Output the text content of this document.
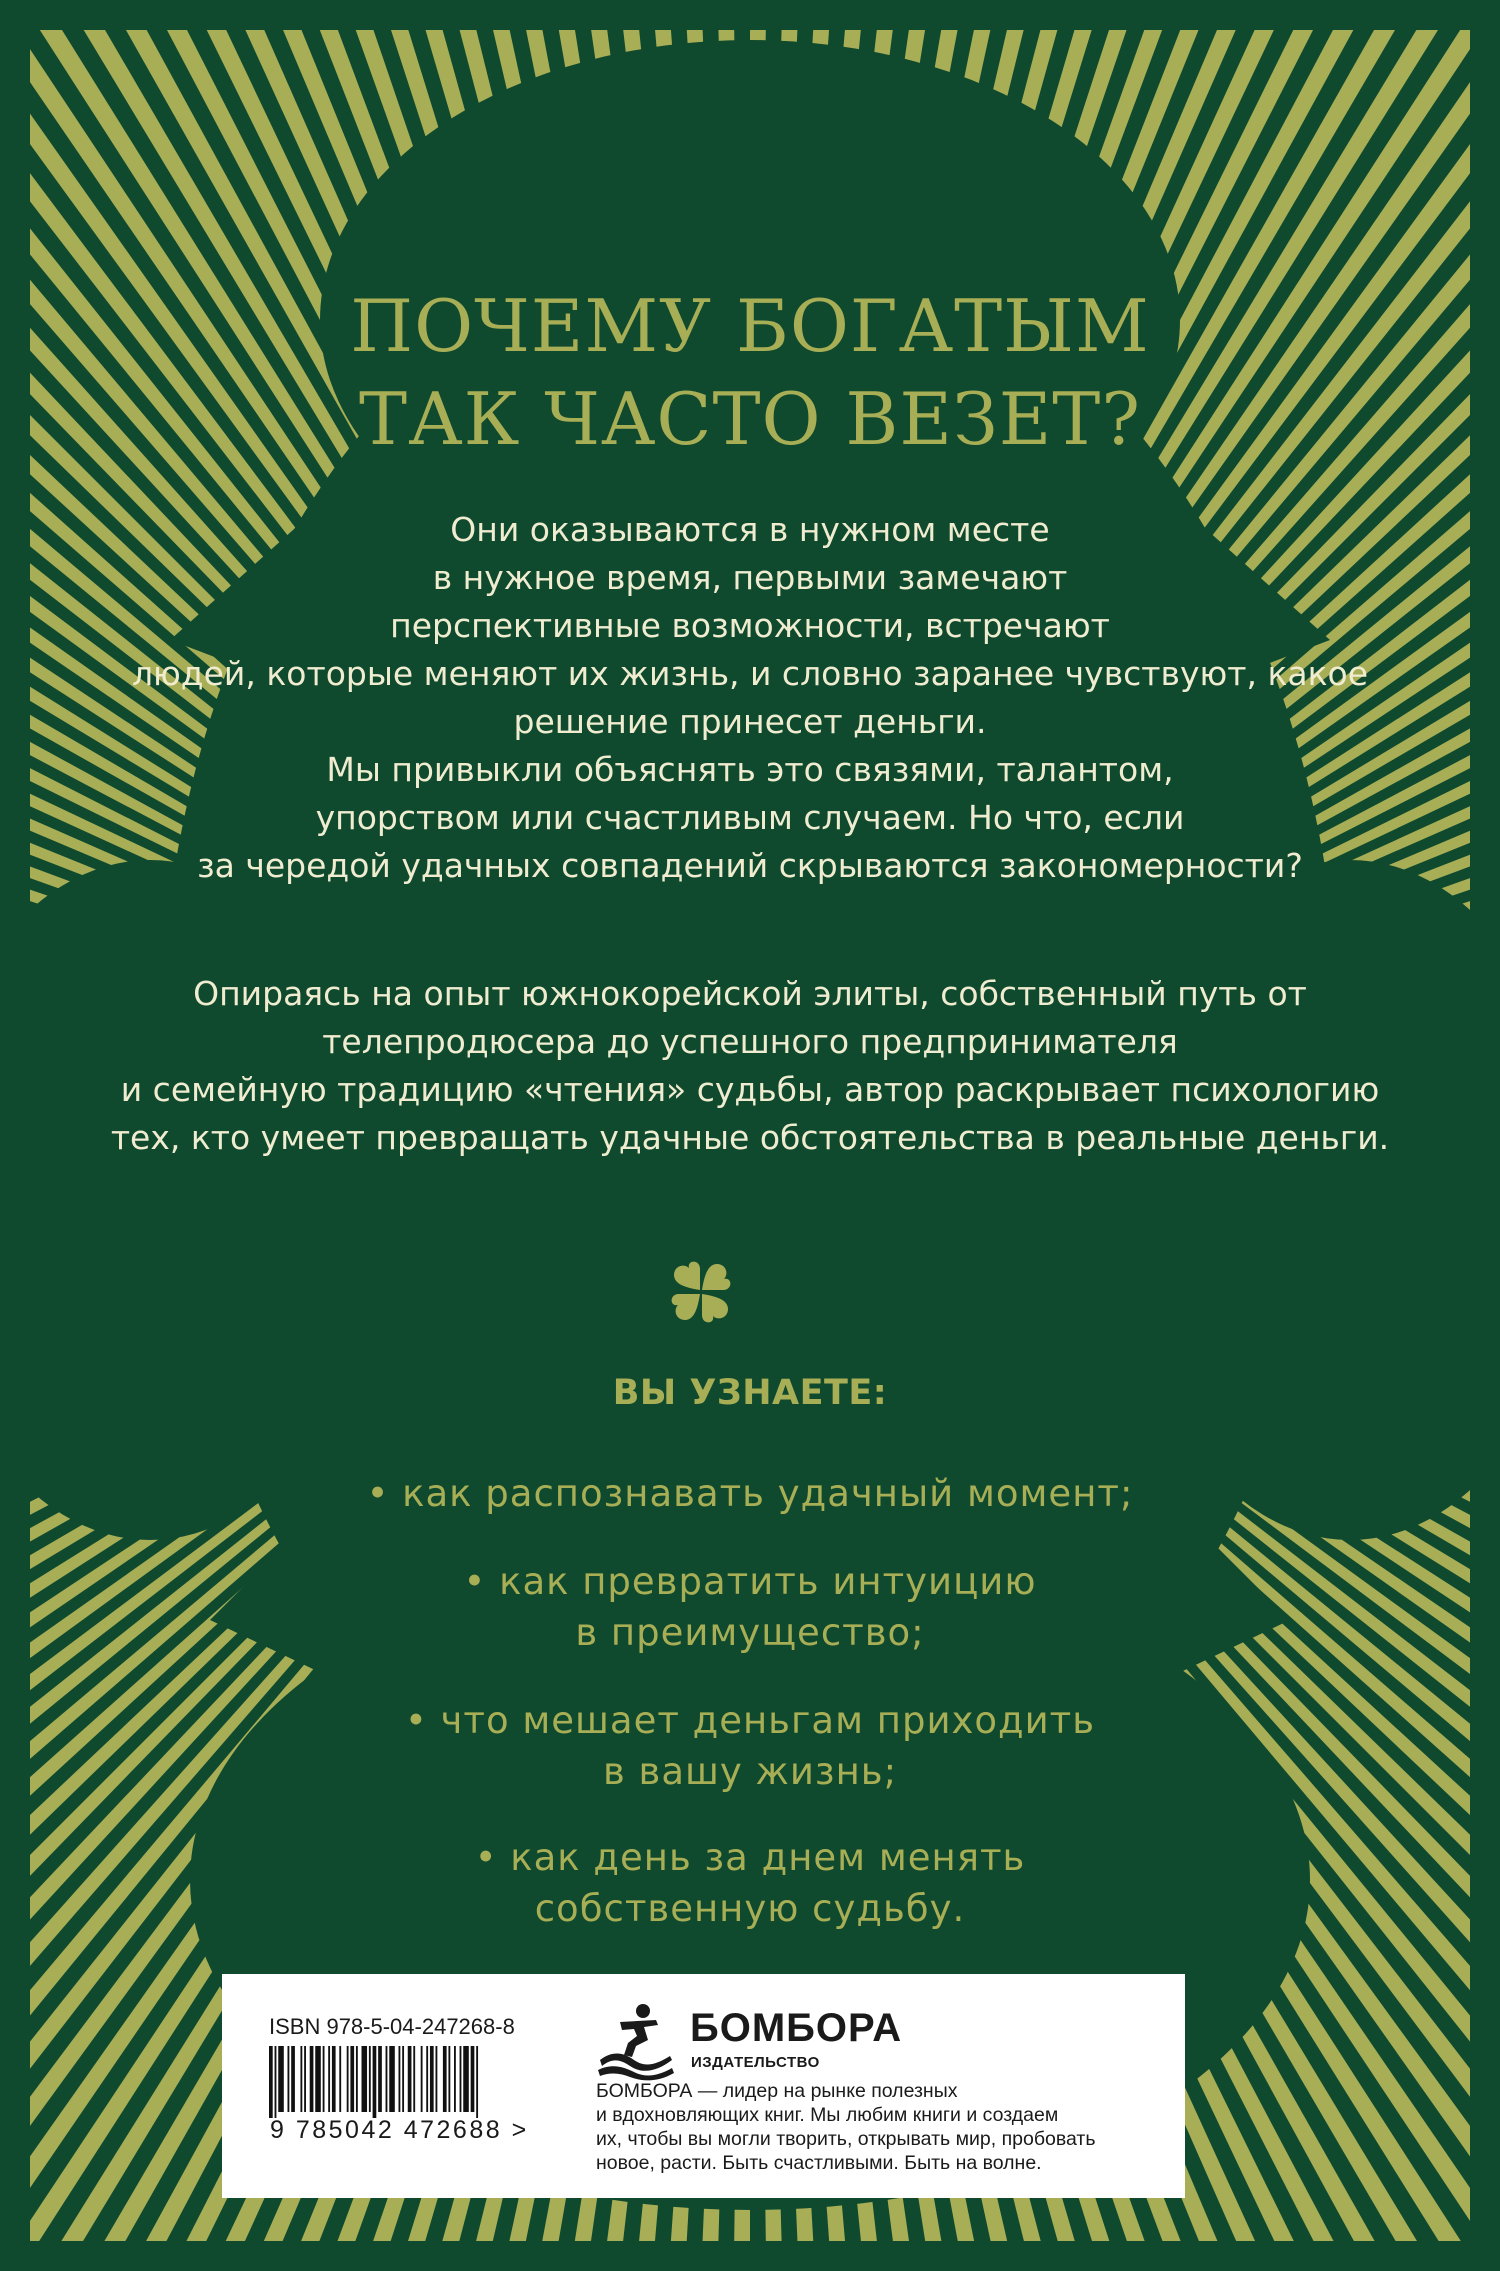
ПОЧЕМУ БОГАТЫМ
ТАК ЧАСТО ВЕЗЕТ?
Они оказываются в нужном месте
в нужное время, первыми замечают
перспективные возможности, встречают
людей, которые меняют их жизнь, и словно заранее чувствуют, какое
решение принесет деньги.
Мы привыкли объяснять это связями, талантом,
упорством или счастливым случаем. Но что, если
за чередой удачных совпадений скрываются закономерности?
Опираясь на опыт южнокорейской элиты, собственный путь от
телепродюсера до успешного предпринимателя
и семейную традицию «чтения» судьбы, автор раскрывает психологию
тех, кто умеет превращать удачные обстоятельства в реальные деньги.
ВЫ УЗНАЕТЕ:
• как распознавать удачный момент;
• как превратить интуицию
в преимущество;
• что мешает деньгам приходить
в вашу жизнь;
• как день за днем менять
собственную судьбу.
ISBN 978-5-04-247268-8
9 785042 472688 >
БОМБОРА
ИЗДАТЕЛЬСТВО
БОМБОРА — лидер на рынке полезных
и вдохновляющих книг. Мы любим книги и создаем
их, чтобы вы могли творить, открывать мир, пробовать
новое, расти. Быть счастливыми. Быть на волне.
